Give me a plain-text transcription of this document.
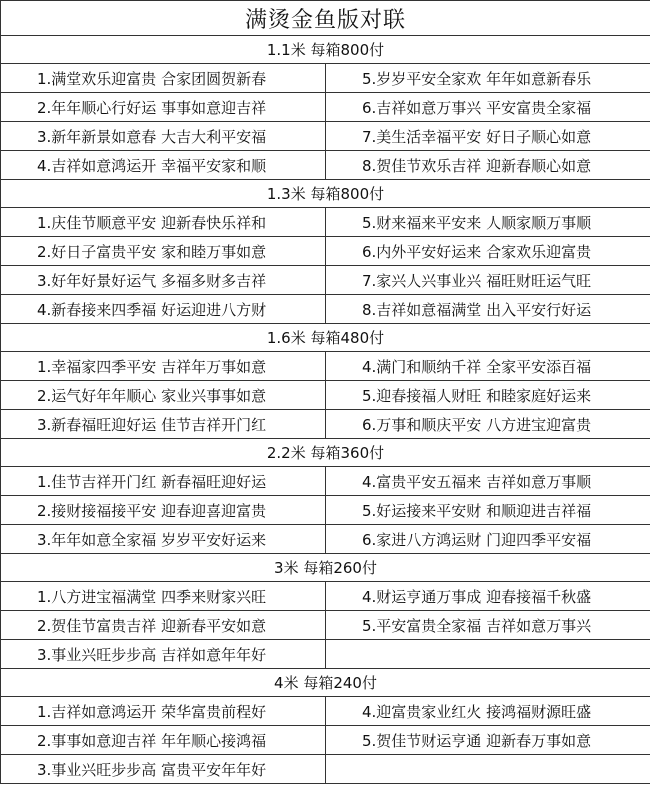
满烫金鱼版对联	
1.1米 每箱800付	
1.满堂欢乐迎富贵 合家团圆贺新春	5.岁岁平安全家欢 年年如意新春乐
2.年年顺心行好运 事事如意迎吉祥	6.吉祥如意万事兴 平安富贵全家福
3.新年新景如意春 大吉大利平安福	7.美生活幸福平安 好日子顺心如意
4.吉祥如意鸿运开 幸福平安家和顺	8.贺佳节欢乐吉祥 迎新春顺心如意
1.3米 每箱800付	
1.庆佳节顺意平安 迎新春快乐祥和	5.财来福来平安来 人顺家顺万事顺
2.好日子富贵平安 家和睦万事如意	6.内外平安好运来 合家欢乐迎富贵
3.好年好景好运气 多福多财多吉祥	7.家兴人兴事业兴 福旺财旺运气旺
4.新春接来四季福 好运迎进八方财	8.吉祥如意福满堂 出入平安行好运
1.6米 每箱480付	
1.幸福家四季平安 吉祥年万事如意	4.满门和顺纳千祥 全家平安添百福
2.运气好年年顺心 家业兴事事如意	5.迎春接福人财旺 和睦家庭好运来
3.新春福旺迎好运 佳节吉祥开门红	6.万事和顺庆平安 八方进宝迎富贵
2.2米 每箱360付	
1.佳节吉祥开门红 新春福旺迎好运	4.富贵平安五福来 吉祥如意万事顺
2.接财接福接平安 迎春迎喜迎富贵	5.好运接来平安财 和顺迎进吉祥福
3.年年如意全家福 岁岁平安好运来	6.家进八方鸿运财 门迎四季平安福
3米 每箱260付	
1.八方进宝福满堂 四季来财家兴旺	4.财运亨通万事成 迎春接福千秋盛
2.贺佳节富贵吉祥 迎新春平安如意	5.平安富贵全家福 吉祥如意万事兴
3.事业兴旺步步高 吉祥如意年年好	
4米 每箱240付	
1.吉祥如意鸿运开 荣华富贵前程好	4.迎富贵家业红火 接鸿福财源旺盛
2.事事如意迎吉祥 年年顺心接鸿福	5.贺佳节财运亨通 迎新春万事如意
3.事业兴旺步步高 富贵平安年年好	
